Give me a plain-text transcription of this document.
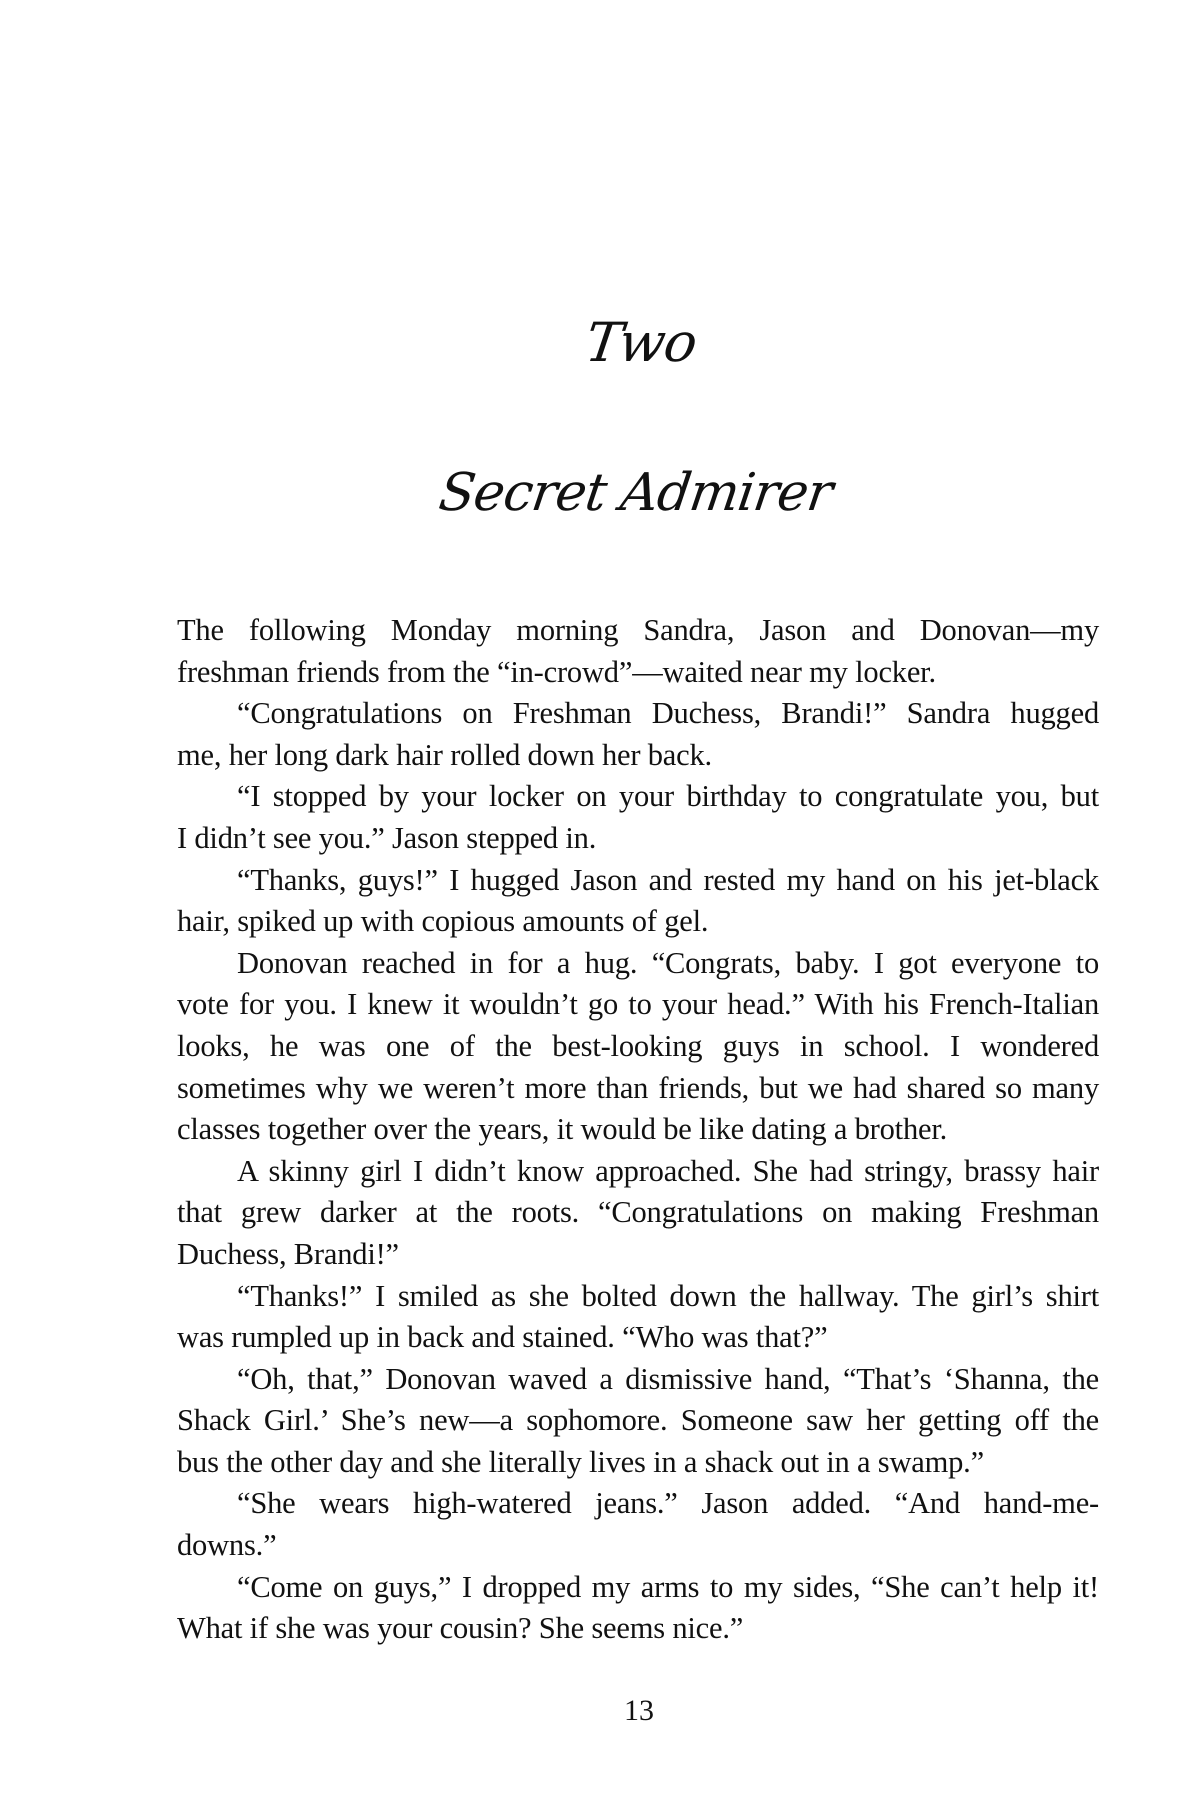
Two
Secret Admirer
The following Monday morning Sandra, Jason and Donovan—my
freshman friends from the “in-crowd”—waited near my locker.
“Congratulations on Freshman Duchess, Brandi!” Sandra hugged
me, her long dark hair rolled down her back.
“I stopped by your locker on your birthday to congratulate you, but
I didn’t see you.” Jason stepped in.
“Thanks, guys!” I hugged Jason and rested my hand on his jet-black
hair, spiked up with copious amounts of gel.
Donovan reached in for a hug. “Congrats, baby. I got everyone to
vote for you. I knew it wouldn’t go to your head.” With his French-Italian
looks, he was one of the best-looking guys in school. I wondered
sometimes why we weren’t more than friends, but we had shared so many
classes together over the years, it would be like dating a brother.
A skinny girl I didn’t know approached. She had stringy, brassy hair
that grew darker at the roots. “Congratulations on making Freshman
Duchess, Brandi!”
“Thanks!” I smiled as she bolted down the hallway. The girl’s shirt
was rumpled up in back and stained. “Who was that?”
“Oh, that,” Donovan waved a dismissive hand, “That’s ‘Shanna, the
Shack Girl.’ She’s new—a sophomore. Someone saw her getting off the
bus the other day and she literally lives in a shack out in a swamp.”
“She wears high-watered jeans.” Jason added. “And hand-me-
downs.”
“Come on guys,” I dropped my arms to my sides, “She can’t help it!
What if she was your cousin? She seems nice.”
13
